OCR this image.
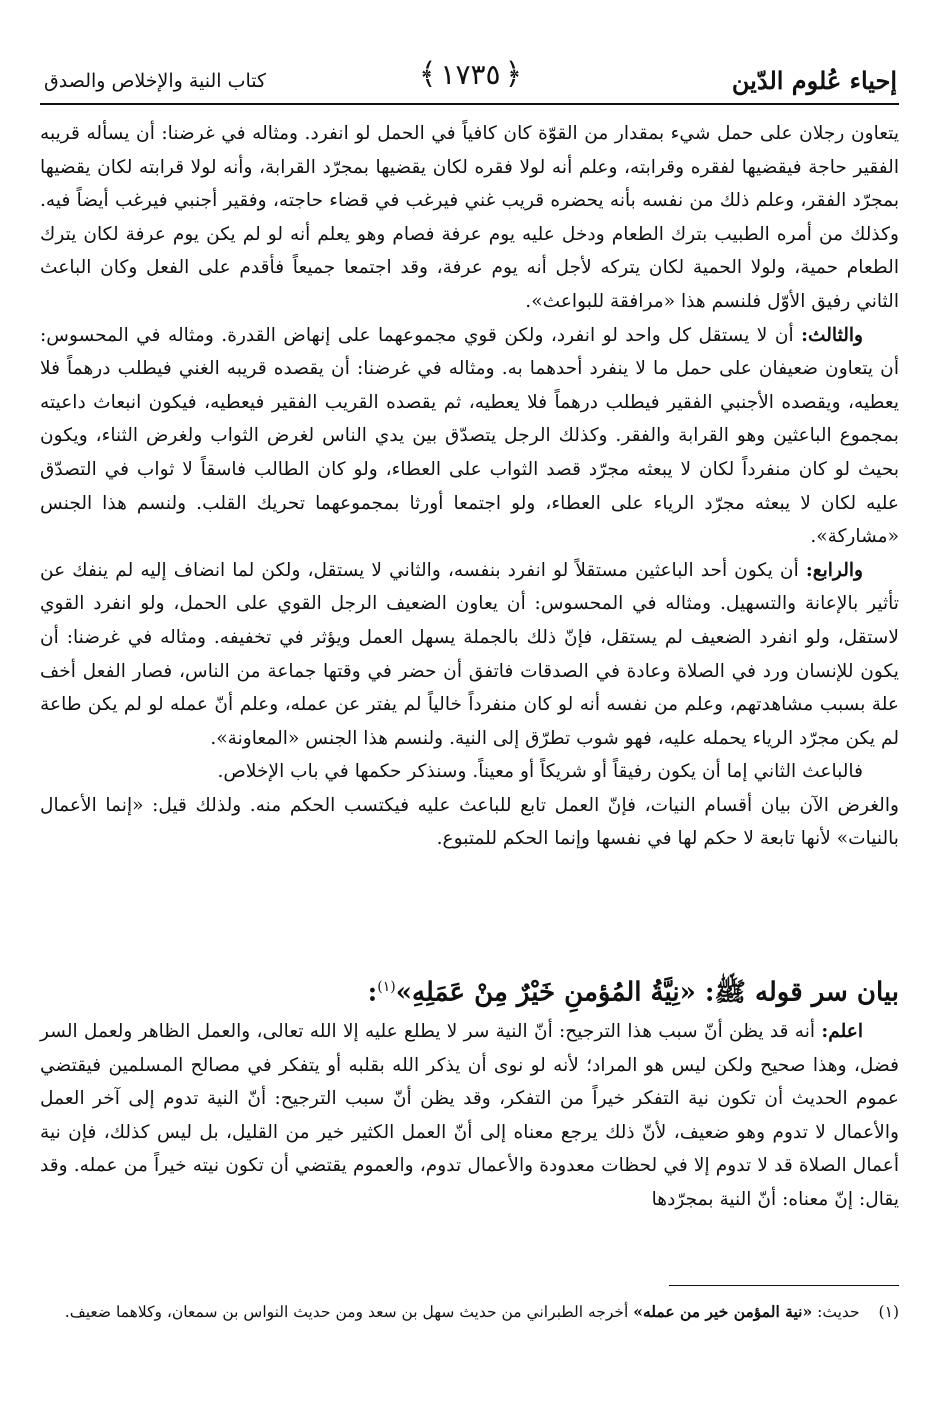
إحياء عُلوم الدّين
﴿
١٧٣٥
﴾
كتاب النية والإخلاص والصدق

يتعاون رجلان على حمل شيء بمقدار من القوّة كان كافياً في الحمل لو انفرد. ومثاله في غرضنا: أن يسأله قريبه الفقير حاجة فيقضيها لفقره وقرابته، وعلم أنه لولا فقره لكان يقضيها بمجرّد القرابة، وأنه لولا قرابته لكان يقضيها بمجرّد الفقر، وعلم ذلك من نفسه بأنه يحضره قريب غني فيرغب في قضاء حاجته، وفقير أجنبي فيرغب أيضاً فيه. وكذلك من أمره الطبيب بترك الطعام ودخل عليه يوم عرفة فصام وهو يعلم أنه لو لم يكن يوم عرفة لكان يترك الطعام حمية، ولولا الحمية لكان يتركه لأجل أنه يوم عرفة، وقد اجتمعا جميعاً فأقدم على الفعل وكان الباعث الثاني رفيق الأوّل فلنسم هذا «مرافقة للبواعث».

والثالث: أن لا يستقل كل واحد لو انفرد، ولكن قوي مجموعهما على إنهاض القدرة. ومثاله في المحسوس: أن يتعاون ضعيفان على حمل ما لا ينفرد أحدهما به. ومثاله في غرضنا: أن يقصده قريبه الغني فيطلب درهماً فلا يعطيه، ويقصده الأجنبي الفقير فيطلب درهماً فلا يعطيه، ثم يقصده القريب الفقير فيعطيه، فيكون انبعاث داعيته بمجموع الباعثين وهو القرابة والفقر. وكذلك الرجل يتصدّق بين يدي الناس لغرض الثواب ولغرض الثناء، ويكون بحيث لو كان منفرداً لكان لا يبعثه مجرّد قصد الثواب على العطاء، ولو كان الطالب فاسقاً لا ثواب في التصدّق عليه لكان لا يبعثه مجرّد الرياء على العطاء، ولو اجتمعا أورثا بمجموعهما تحريك القلب. ولنسم هذا الجنس «مشاركة».

والرابع: أن يكون أحد الباعثين مستقلاً لو انفرد بنفسه، والثاني لا يستقل، ولكن لما انضاف إليه لم ينفك عن تأثير بالإعانة والتسهيل. ومثاله في المحسوس: أن يعاون الضعيف الرجل القوي على الحمل، ولو انفرد القوي لاستقل، ولو انفرد الضعيف لم يستقل، فإنّ ذلك بالجملة يسهل العمل ويؤثر في تخفيفه. ومثاله في غرضنا: أن يكون للإنسان ورد في الصلاة وعادة في الصدقات فاتفق أن حضر في وقتها جماعة من الناس، فصار الفعل أخف علة بسبب مشاهدتهم، وعلم من نفسه أنه لو كان منفرداً خالياً لم يفتر عن عمله، وعلم أنّ عمله لو لم يكن طاعة لم يكن مجرّد الرياء يحمله عليه، فهو شوب تطرّق إلى النية. ولنسم هذا الجنس «المعاونة».

فالباعث الثاني إما أن يكون رفيقاً أو شريكاً أو معيناً. وسنذكر حكمها في باب الإخلاص.

والغرض الآن بيان أقسام النيات، فإنّ العمل تابع للباعث عليه فيكتسب الحكم منه. ولذلك قيل: «إنما الأعمال بالنيات» لأنها تابعة لا حكم لها في نفسها وإنما الحكم للمتبوع.

بيان سر قوله ﷺ: «نِيَّةُ المُؤمنِ خَيْرٌ مِنْ عَمَلِهِ»$^{(١)}$:

اعلم: أنه قد يظن أنّ سبب هذا الترجيح: أنّ النية سر لا يطلع عليه إلا الله تعالى، والعمل الظاهر ولعمل السر فضل، وهذا صحيح ولكن ليس هو المراد؛ لأنه لو نوى أن يذكر الله بقلبه أو يتفكر في مصالح المسلمين فيقتضي عموم الحديث أن تكون نية التفكر خيراً من التفكر، وقد يظن أنّ سبب الترجيح: أنّ النية تدوم إلى آخر العمل والأعمال لا تدوم وهو ضعيف، لأنّ ذلك يرجع معناه إلى أنّ العمل الكثير خير من القليل، بل ليس كذلك، فإن نية أعمال الصلاة قد لا تدوم إلا في لحظات معدودة والأعمال تدوم، والعموم يقتضي أن تكون نيته خيراً من عمله. وقد يقال: إنّ معناه: أنّ النية بمجرّدها

(١) حديث: «نية المؤمن خير من عمله» أخرجه الطبراني من حديث سهل بن سعد ومن حديث النواس بن سمعان، وكلاهما ضعيف.
